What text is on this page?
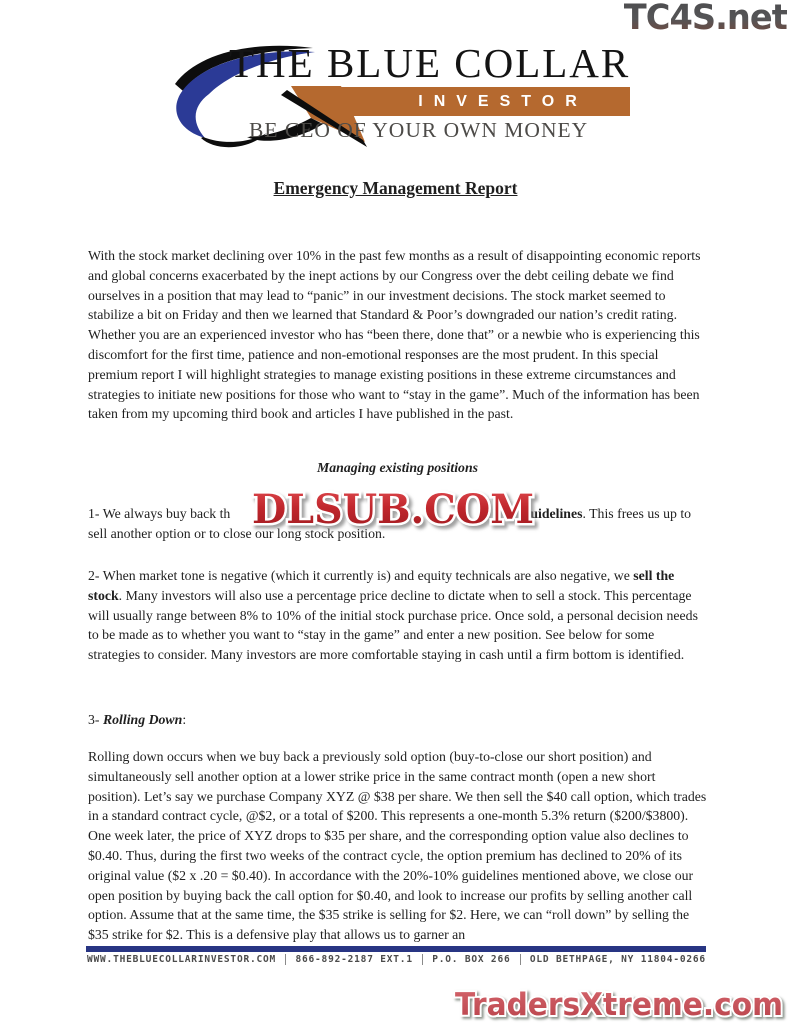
TC4S.net
THE BLUE COLLAR
INVESTOR
BE CEO OF YOUR OWN MONEY
Emergency Management Report
With the stock market declining over 10% in the past few months as a result of disappointing economic reports and global concerns exacerbated by the inept actions by our Congress over the debt ceiling debate we find ourselves in a position that may lead to “panic” in our investment decisions. The stock market seemed to stabilize a bit on Friday and then we learned that Standard & Poor’s downgraded our nation’s credit rating. Whether you are an experienced investor who has “been there, done that” or a newbie who is experiencing this discomfort for the first time, patience and non-emotional responses are the most prudent. In this special premium report I will highlight strategies to manage existing positions in these extreme circumstances and strategies to initiate new positions for those who want to “stay in the game”. Much of the information has been taken from my upcoming third book and articles I have published in the past.
Managing existing positions
1- We always buy back th	uidelines. This frees us up to sell another option or to close our long stock position.
DLSUB.COM
2- When market tone is negative (which it currently is) and equity technicals are also negative, we sell the stock. Many investors will also use a percentage price decline to dictate when to sell a stock. This percentage will usually range between 8% to 10% of the initial stock purchase price. Once sold, a personal decision needs to be made as to whether you want to “stay in the game” and enter a new position. See below for some strategies to consider. Many investors are more comfortable staying in cash until a firm bottom is identified.
3- Rolling Down:
Rolling down occurs when we buy back a previously sold option (buy-to-close our short position) and simultaneously sell another option at a lower strike price in the same contract month (open a new short position). Let’s say we purchase Company XYZ @ $38 per share. We then sell the $40 call option, which trades in a standard contract cycle, @$2, or a total of $200. This represents a one-month 5.3% return ($200/$3800). One week later, the price of XYZ drops to $35 per share, and the corresponding option value also declines to $0.40. Thus, during the first two weeks of the contract cycle, the option premium has declined to 20% of its original value ($2 x .20 = $0.40). In accordance with the 20%-10% guidelines mentioned above, we close our open position by buying back the call option for $0.40, and look to increase our profits by selling another call option. Assume that at the same time, the $35 strike is selling for $2. Here, we can “roll down” by selling the $35 strike for $2. This is a defensive play that allows us to garner an
WWW.THEBLUECOLLARINVESTOR.COM 866-892-2187 EXT.1 P.O. BOX 266 OLD BETHPAGE, NY 11804-0266
TradersXtreme.com
